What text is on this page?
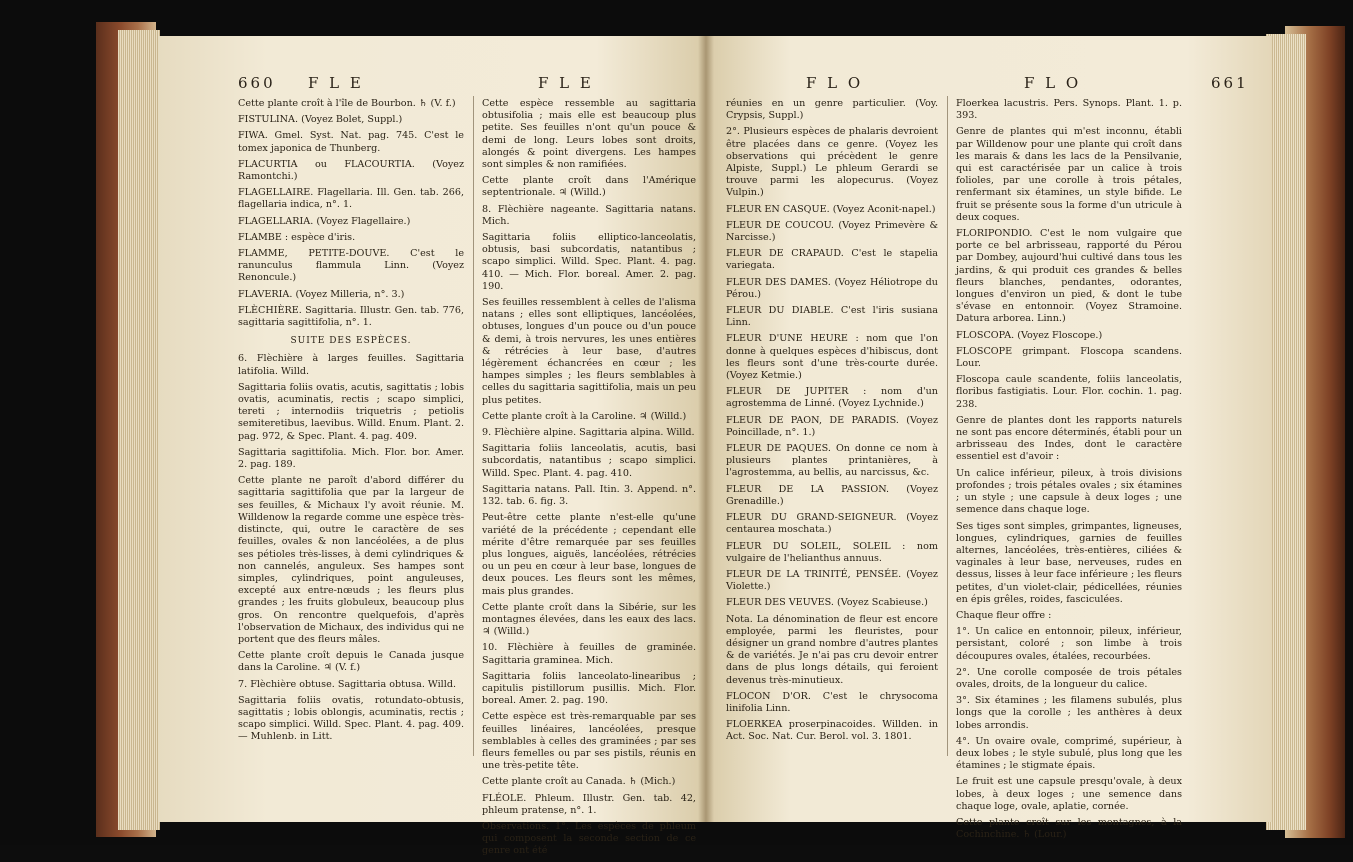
660 F L E	F L E

Cette plante croît à l'île de Bourbon. ♄ (V. f.)

FISTULINA. (Voyez Bolet, Suppl.)

FIWA. Gmel. Syst. Nat. pag. 745. C'est le tomex japonica de Thunberg.

FLACURTIA ou FLACOURTIA. (Voyez Ramontchi.)

FLAGELLAIRE. Flagellaria. Ill. Gen. tab. 266, flagellaria indica, n°. 1.

FLAGELLARIA. (Voyez Flagellaire.)

FLAMBE : espèce d'iris.

FLAMME, PETITE-DOUVE. C'est le ranunculus flammula Linn. (Voyez Renoncule.)

FLAVERIA. (Voyez Milleria, n°. 3.)

FLÈCHIÈRE. Sagittaria. Illustr. Gen. tab. 776, sagittaria sagittifolia, n°. 1.

SUITE DES ESPÈCES.

6. Flèchière à larges feuilles. Sagittaria latifolia. Willd.

Sagittaria foliis ovatis, acutis, sagittatis ; lobis ovatis, acuminatis, rectis ; scapo simplici, tereti ; internodiis triquetris ; petiolis semiteretibus, laevibus. Willd. Enum. Plant. 2. pag. 972, & Spec. Plant. 4. pag. 409.

Sagittaria sagittifolia. Mich. Flor. bor. Amer. 2. pag. 189.

Cette plante ne paroît d'abord différer du sagittaria sagittifolia que par la largeur de ses feuilles, & Michaux l'y avoit réunie. M. Willdenow la regarde comme une espèce très-distincte, qui, outre le caractère de ses feuilles, ovales & non lancéolées, a de plus ses pétioles très-lisses, à demi cylindriques & non cannelés, anguleux. Ses hampes sont simples, cylindriques, point anguleuses, excepté aux entre-nœuds ; les fleurs plus grandes ; les fruits globuleux, beaucoup plus gros. On rencontre quelquefois, d'après l'observation de Michaux, des individus qui ne portent que des fleurs mâles.

Cette plante croît depuis le Canada jusque dans la Caroline. ♃ (V. f.)

7. Flèchière obtuse. Sagittaria obtusa. Willd.

Sagittaria foliis ovatis, rotundato-obtusis, sagittatis ; lobis oblongis, acuminatis, rectis ; scapo simplici. Willd. Spec. Plant. 4. pag. 409. — Muhlenb. in Litt.

Cette espèce ressemble au sagittaria obtusifolia ; mais elle est beaucoup plus petite. Ses feuilles n'ont qu'un pouce & demi de long. Leurs lobes sont droits, alongés & point divergens. Les hampes sont simples & non ramifiées.

Cette plante croît dans l'Amérique septentrionale. ♃ (Willd.)

8. Flèchière nageante. Sagittaria natans. Mich.

Sagittaria foliis elliptico-lanceolatis, obtusis, basi subcordatis, natantibus ; scapo simplici. Willd. Spec. Plant. 4. pag. 410. — Mich. Flor. boreal. Amer. 2. pag. 190.

Ses feuilles ressemblent à celles de l'alisma natans ; elles sont elliptiques, lancéolées, obtuses, longues d'un pouce ou d'un pouce & demi, à trois nervures, les unes entières & rétrécies à leur base, d'autres légèrement échancrées en cœur ; les hampes simples ; les fleurs semblables à celles du sagittaria sagittifolia, mais un peu plus petites.

Cette plante croît à la Caroline. ♃ (Willd.)

9. Flèchière alpine. Sagittaria alpina. Willd.

Sagittaria foliis lanceolatis, acutis, basi subcordatis, natantibus ; scapo simplici. Willd. Spec. Plant. 4. pag. 410.

Sagittaria natans. Pall. Itin. 3. Append. n°. 132. tab. 6. fig. 3.

Peut-être cette plante n'est-elle qu'une variété de la précédente ; cependant elle mérite d'être remarquée par ses feuilles plus longues, aiguës, lancéolées, rétrécies ou un peu en cœur à leur base, longues de deux pouces. Les fleurs sont les mêmes, mais plus grandes.

Cette plante croît dans la Sibérie, sur les montagnes élevées, dans les eaux des lacs. ♃ (Willd.)

10. Flèchière à feuilles de graminée. Sagittaria graminea. Mich.

Sagittaria foliis lanceolato-linearibus ; capitulis pistillorum pusillis. Mich. Flor. boreal. Amer. 2. pag. 190.

Cette espèce est très-remarquable par ses feuilles linéaires, lancéolées, presque semblables à celles des graminées ; par ses fleurs femelles ou par ses pistils, réunis en une très-petite tête.

Cette plante croît au Canada. ♄ (Mich.)

FLÉOLE. Phleum. Illustr. Gen. tab. 42, phleum pratense, n°. 1.

Observations. 1°. Les espèces de phleum qui composent la seconde section de ce genre ont été

F L O	F L O	661

réunies en un genre particulier. (Voy. Crypsis, Suppl.)

2°. Plusieurs espèces de phalaris devroient être placées dans ce genre. (Voyez les observations qui précèdent le genre Alpiste, Suppl.) Le phleum Gerardi se trouve parmi les alopecurus. (Voyez Vulpin.)

FLEUR EN CASQUE. (Voyez Aconit-napel.)

FLEUR DE COUCOU. (Voyez Primevère & Narcisse.)

FLEUR DE CRAPAUD. C'est le stapelia variegata.

FLEUR DES DAMES. (Voyez Héliotrope du Pérou.)

FLEUR DU DIABLE. C'est l'iris susiana Linn.

FLEUR D'UNE HEURE : nom que l'on donne à quelques espèces d'hibiscus, dont les fleurs sont d'une très-courte durée. (Voyez Ketmie.)

FLEUR DE JUPITER : nom d'un agrostemma de Linné. (Voyez Lychnide.)

FLEUR DE PAON, DE PARADIS. (Voyez Poincillade, n°. 1.)

FLEUR DE PAQUES. On donne ce nom à plusieurs plantes printanières, à l'agrostemma, au bellis, au narcissus, &c.

FLEUR DE LA PASSION. (Voyez Grenadille.)

FLEUR DU GRAND-SEIGNEUR. (Voyez centaurea moschata.)

FLEUR DU SOLEIL, SOLEIL : nom vulgaire de l'helianthus annuus.

FLEUR DE LA TRINITÉ, PENSÉE. (Voyez Violette.)

FLEUR DES VEUVES. (Voyez Scabieuse.)

Nota. La dénomination de fleur est encore employée, parmi les fleuristes, pour désigner un grand nombre d'autres plantes & de variétés. Je n'ai pas cru devoir entrer dans de plus longs détails, qui feroient devenus très-minutieux.

FLOCON D'OR. C'est le chrysocoma linifolia Linn.

FLOERKEA proserpinacoides. Willden. in Act. Soc. Nat. Cur. Berol. vol. 3. 1801.

Floerkea lacustris. Pers. Synops. Plant. 1. p. 393.

Genre de plantes qui m'est inconnu, établi par Willdenow pour une plante qui croît dans les marais & dans les lacs de la Pensilvanie, qui est caractérisée par un calice à trois folioles, par une corolle à trois pétales, renfermant six étamines, un style bifide. Le fruit se présente sous la forme d'un utricule à deux coques.

FLORIPONDIO. C'est le nom vulgaire que porte ce bel arbrisseau, rapporté du Pérou par Dombey, aujourd'hui cultivé dans tous les jardins, & qui produit ces grandes & belles fleurs blanches, pendantes, odorantes, longues d'environ un pied, & dont le tube s'évase en entonnoir. (Voyez Stramoine. Datura arborea. Linn.)

FLOSCOPA. (Voyez Floscope.)

FLOSCOPE grimpant. Floscopa scandens. Lour.

Floscopa caule scandente, foliis lanceolatis, floribus fastigiatis. Lour. Flor. cochin. 1. pag. 238.

Genre de plantes dont les rapports naturels ne sont pas encore déterminés, établi pour un arbrisseau des Indes, dont le caractère essentiel est d'avoir :

Un calice inférieur, pileux, à trois divisions profondes ; trois pétales ovales ; six étamines ; un style ; une capsule à deux loges ; une semence dans chaque loge.

Ses tiges sont simples, grimpantes, ligneuses, longues, cylindriques, garnies de feuilles alternes, lancéolées, très-entières, ciliées & vaginales à leur base, nerveuses, rudes en dessus, lisses à leur face inférieure ; les fleurs petites, d'un violet-clair, pédicellées, réunies en épis grêles, roides, fasciculées.

Chaque fleur offre :

1°. Un calice en entonnoir, pileux, inférieur, persistant, coloré ; son limbe à trois découpures ovales, étalées, recourbées.

2°. Une corolle composée de trois pétales ovales, droits, de la longueur du calice.

3°. Six étamines ; les filamens subulés, plus longs que la corolle ; les anthères à deux lobes arrondis.

4°. Un ovaire ovale, comprimé, supérieur, à deux lobes ; le style subulé, plus long que les étamines ; le stigmate épais.

Le fruit est une capsule presqu'ovale, à deux lobes, à deux loges ; une semence dans chaque loge, ovale, aplatie, cornée.

Cette plante croît sur les montagnes, à la Cochinchine. ♄ (Lour.)
